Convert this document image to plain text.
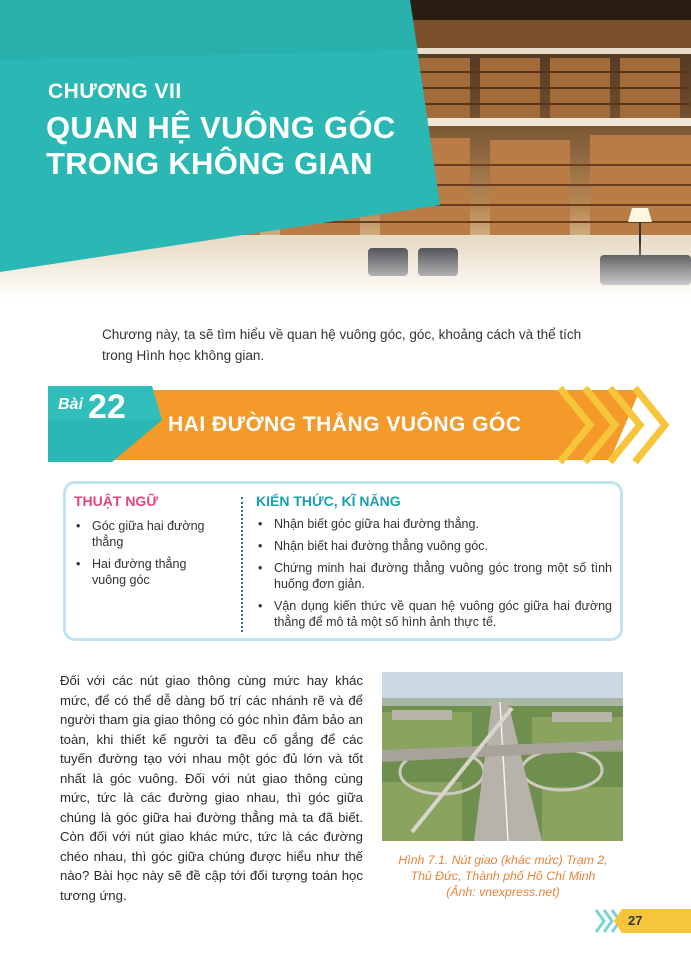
CHƯƠNG VII
QUAN HỆ VUÔNG GÓC
TRONG KHÔNG GIAN
Chương này, ta sẽ tìm hiểu về quan hệ vuông góc, góc, khoảng cách và thể tích trong Hình học không gian.
Bài 22 HAI ĐƯỜNG THẲNG VUÔNG GÓC
THUẬT NGỮ
• Góc giữa hai đường thẳng
• Hai đường thẳng vuông góc
KIẾN THỨC, KĨ NĂNG
• Nhận biết góc giữa hai đường thẳng.
• Nhận biết hai đường thẳng vuông góc.
• Chứng minh hai đường thẳng vuông góc trong một số tình huống đơn giản.
• Vận dụng kiến thức về quan hệ vuông góc giữa hai đường thẳng để mô tả một số hình ảnh thực tế.
Đối với các nút giao thông cùng mức hay khác mức, để có thể dễ dàng bố trí các nhánh rẽ và để người tham gia giao thông có góc nhìn đảm bảo an toàn, khi thiết kế người ta đều cố gắng để các tuyến đường tạo với nhau một góc đủ lớn và tốt nhất là góc vuông. Đối với nút giao thông cùng mức, tức là các đường giao nhau, thì góc giữa chúng là góc giữa hai đường thẳng mà ta đã biết. Còn đối với nút giao khác mức, tức là các đường chéo nhau, thì góc giữa chúng được hiểu như thế nào? Bài học này sẽ đề cập tới đối tượng toán học tương ứng.
Hình 7.1. Nút giao (khác mức) Trạm 2,
Thủ Đức, Thành phố Hồ Chí Minh
(Ảnh: vnexpress.net)
27
